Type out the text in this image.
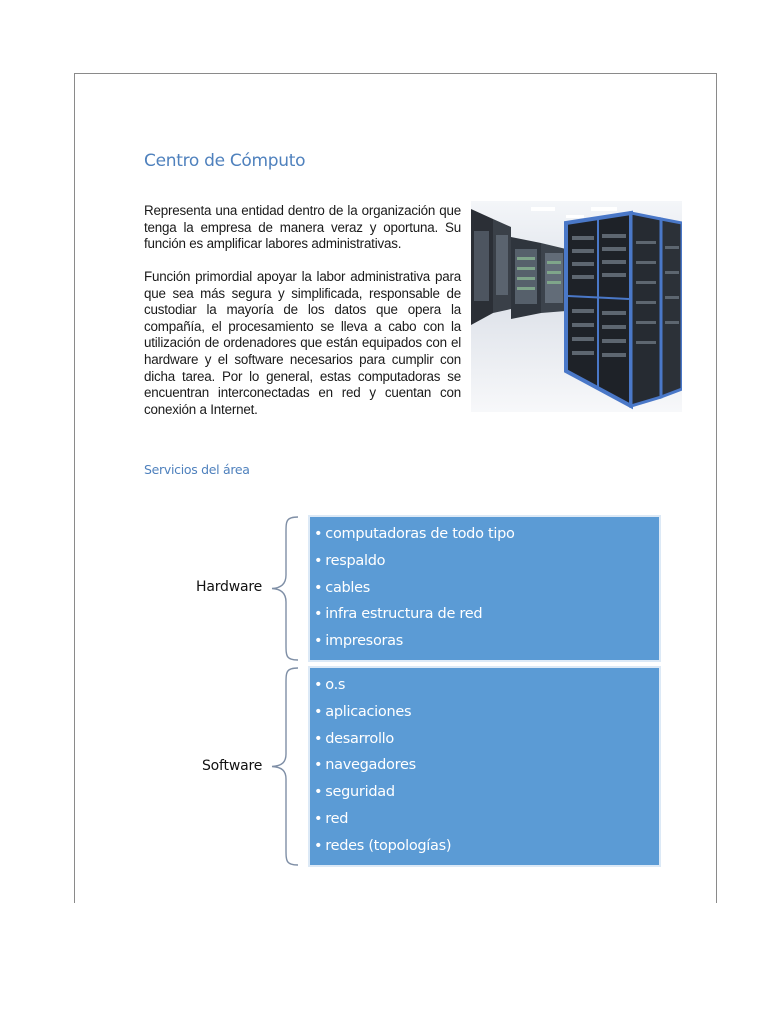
Centro de Cómputo

Representa una entidad dentro de la organización que tenga la empresa de manera veraz y oportuna. Su función es amplificar labores administrativas.

Función primordial apoyar la labor administrativa para que sea más segura y simplificada, responsable de custodiar la mayoría de los datos que opera la compañía, el procesamiento se lleva a cabo con la utilización de ordenadores que están equipados con el hardware y el software necesarios para cumplir con dicha tarea. Por lo general, estas computadoras se encuentran interconectadas en red y cuentan con conexión a Internet.

Servicios del área
Hardware
• computadoras de todo tipo
• respaldo
• cables
• infra estructura de red
• impresoras
Software
• o.s
• aplicaciones
• desarrollo
• navegadores
• seguridad
• red
• redes (topologías)
